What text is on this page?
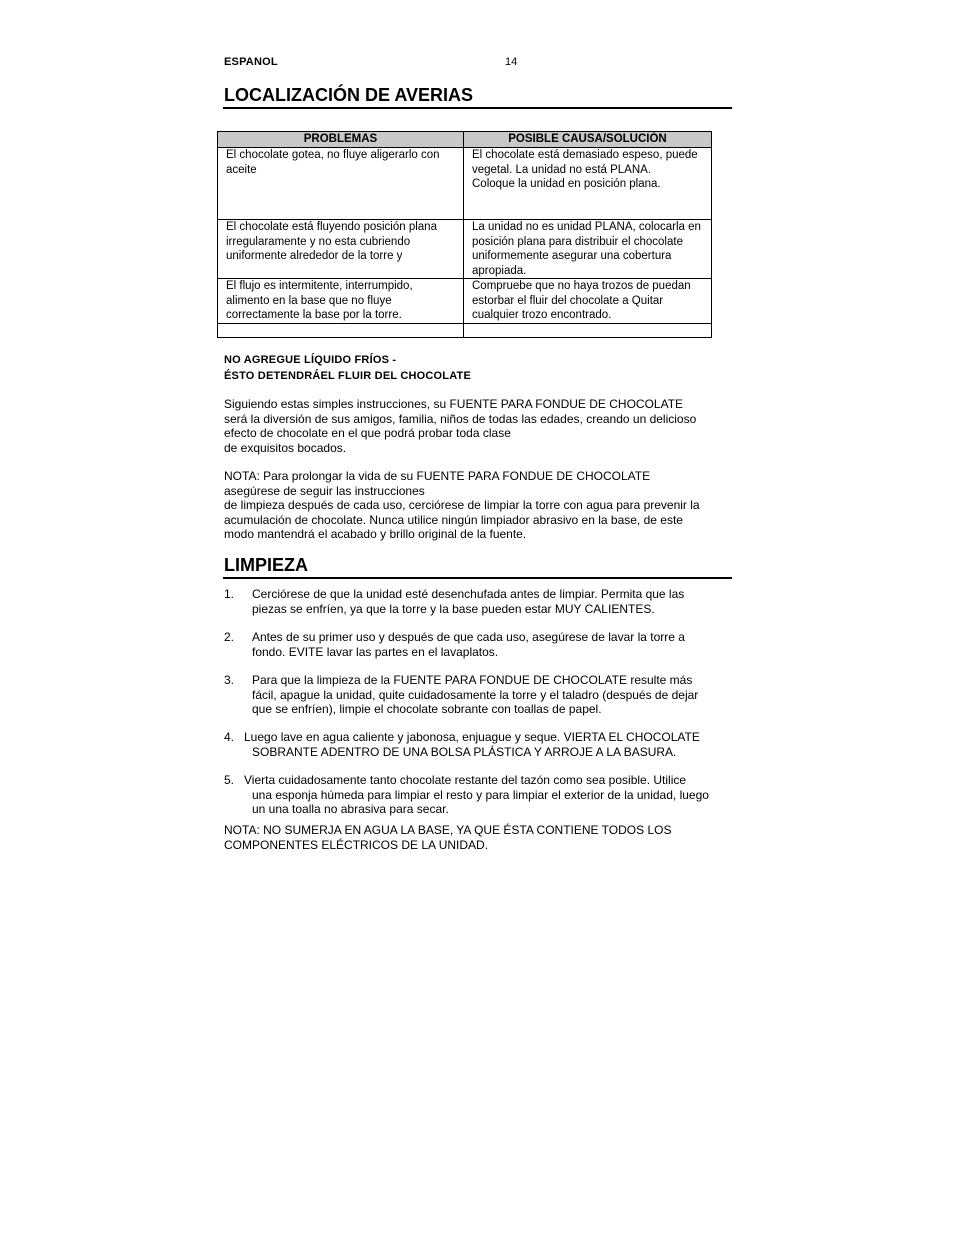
ESPANOL	14
LOCALIZACIÓN DE AVERIAS
PROBLEMAS	POSIBLE CAUSA/SOLUCIÓN
El chocolate gotea, no fluye aligerarlo con aceite	El chocolate está demasiado espeso, puede vegetal. La unidad no está PLANA.
Coloque la unidad en posición plana.
El chocolate está fluyendo posición plana irregularamente y no esta cubriendo uniformente alrededor de la torre y	La unidad no es unidad PLANA, colocarla en posición plana para distribuir el chocolate uniformemente asegurar una cobertura apropiada.
El flujo es intermitente, interrumpido, alimento en la base que no fluye correctamente la base por la torre.	Compruebe que no haya trozos de puedan estorbar el fluir del chocolate a Quitar cualquier trozo encontrado.

NO AGREGUE LÍQUIDO FRÍOS -
ÉSTO DETENDRÁEL FLUIR DEL CHOCOLATE
Siguiendo estas simples instrucciones, su FUENTE PARA FONDUE DE CHOCOLATE
será la diversión de sus amigos, familia, niños de todas las edades, creando un delicioso
efecto de chocolate en el que podrá probar toda clase
de exquisitos bocados.
NOTA: Para prolongar la vida de su FUENTE PARA FONDUE DE CHOCOLATE
asegúrese de seguir las instrucciones
de limpieza después de cada uso, cerciórese de limpiar la torre con agua para prevenir la
acumulación de chocolate. Nunca utilice ningún limpiador abrasivo en la base, de este
modo mantendrá el acabado y brillo original de la fuente.
LIMPIEZA
1. Cerciórese de que la unidad esté desenchufada antes de limpiar. Permita que las
piezas se enfríen, ya que la torre y la base pueden estar MUY CALIENTES.
2. Antes de su primer uso y después de que cada uso, asegúrese de lavar la torre a
fondo. EVITE lavar las partes en el lavaplatos.
3. Para que la limpieza de la FUENTE PARA FONDUE DE CHOCOLATE resulte más
fácil, apague la unidad, quite cuidadosamente la torre y el taladro (después de dejar
que se enfríen), limpie el chocolate sobrante con toallas de papel.
4. Luego lave en agua caliente y jabonosa, enjuague y seque. VIERTA EL CHOCOLATE
SOBRANTE ADENTRO DE UNA BOLSA PLÁSTICA Y ARROJE A LA BASURA.
5. Vierta cuidadosamente tanto chocolate restante del tazón como sea posible. Utilice
una esponja húmeda para limpiar el resto y para limpiar el exterior de la unidad, luego
un una toalla no abrasiva para secar.
NOTA: NO SUMERJA EN AGUA LA BASE, YA QUE ÉSTA CONTIENE TODOS LOS
COMPONENTES ELÉCTRICOS DE LA UNIDAD.
